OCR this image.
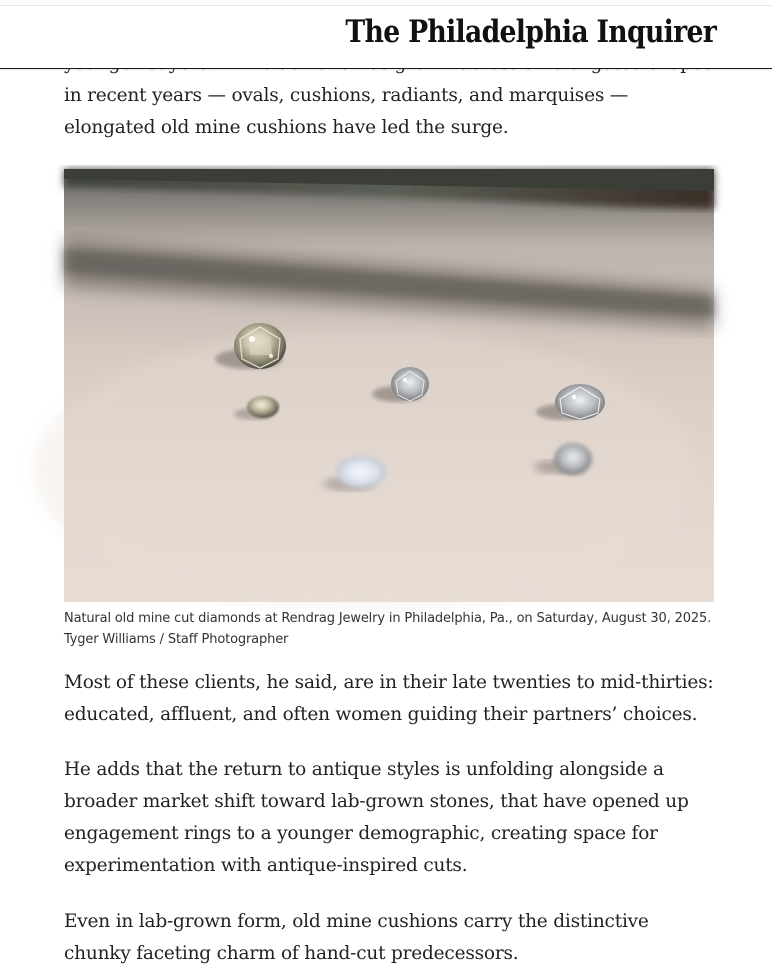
in recent years — ovals, cushions, radiants, and marquises — elongated old mine cushions have led the surge.

Natural old mine cut diamonds at Rendrag Jewelry in Philadelphia, Pa., on Saturday, August 30, 2025.
Tyger Williams / Staff Photographer

Most of these clients, he said, are in their late twenties to mid-thirties: educated, affluent, and often women guiding their partners’ choices.

He adds that the return to antique styles is unfolding alongside a broader market shift toward lab-grown stones, that have opened up engagement rings to a younger demographic, creating space for experimentation with antique-inspired cuts.

Even in lab-grown form, old mine cushions carry the distinctive chunky faceting charm of hand-cut predecessors.

The Philadelphia Inquirer
